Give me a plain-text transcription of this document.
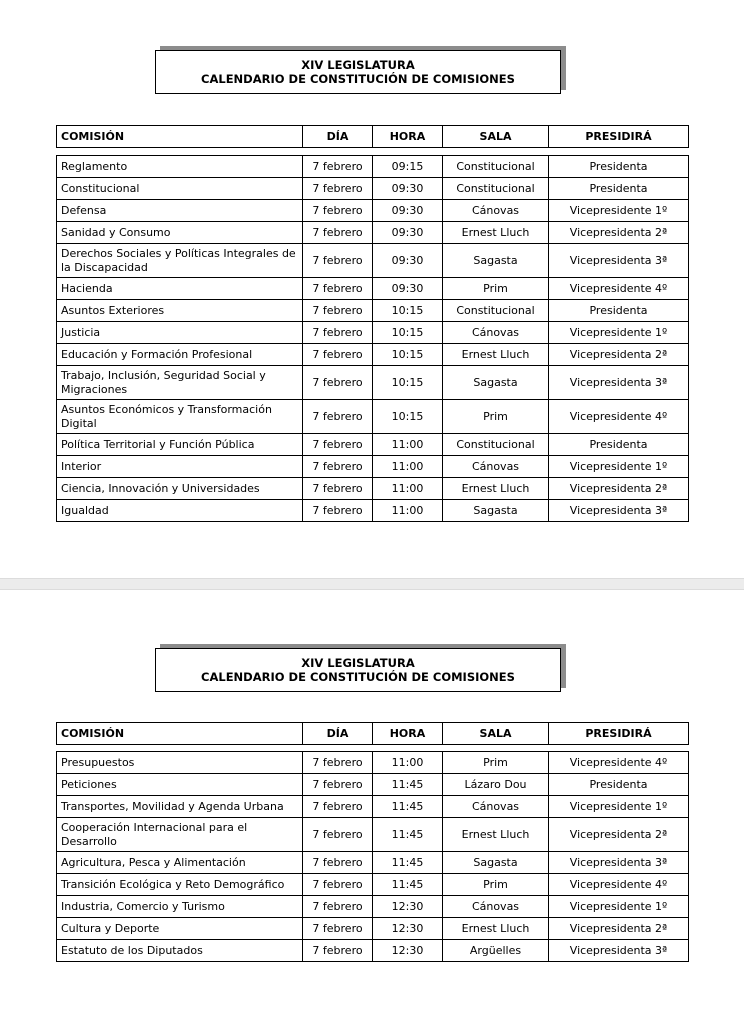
XIV LEGISLATURA
CALENDARIO DE CONSTITUCIÓN DE COMISIONES
COMISIÓN	DÍA	HORA	SALA	PRESIDIRÁ
Reglamento	7 febrero	09:15	Constitucional	Presidenta
Constitucional	7 febrero	09:30	Constitucional	Presidenta
Defensa	7 febrero	09:30	Cánovas	Vicepresidente 1º
Sanidad y Consumo	7 febrero	09:30	Ernest Lluch	Vicepresidenta 2ª
Derechos Sociales y Políticas Integrales de la Discapacidad	7 febrero	09:30	Sagasta	Vicepresidenta 3ª
Hacienda	7 febrero	09:30	Prim	Vicepresidente 4º
Asuntos Exteriores	7 febrero	10:15	Constitucional	Presidenta
Justicia	7 febrero	10:15	Cánovas	Vicepresidente 1º
Educación y Formación Profesional	7 febrero	10:15	Ernest Lluch	Vicepresidenta 2ª
Trabajo, Inclusión, Seguridad Social y Migraciones	7 febrero	10:15	Sagasta	Vicepresidenta 3ª
Asuntos Económicos y Transformación Digital	7 febrero	10:15	Prim	Vicepresidente 4º
Política Territorial y Función Pública	7 febrero	11:00	Constitucional	Presidenta
Interior	7 febrero	11:00	Cánovas	Vicepresidente 1º
Ciencia, Innovación y Universidades	7 febrero	11:00	Ernest Lluch	Vicepresidenta 2ª
Igualdad	7 febrero	11:00	Sagasta	Vicepresidenta 3ª
XIV LEGISLATURA
CALENDARIO DE CONSTITUCIÓN DE COMISIONES
COMISIÓN	DÍA	HORA	SALA	PRESIDIRÁ
Presupuestos	7 febrero	11:00	Prim	Vicepresidente 4º
Peticiones	7 febrero	11:45	Lázaro Dou	Presidenta
Transportes, Movilidad y Agenda Urbana	7 febrero	11:45	Cánovas	Vicepresidente 1º
Cooperación Internacional para el Desarrollo	7 febrero	11:45	Ernest Lluch	Vicepresidenta 2ª
Agricultura, Pesca y Alimentación	7 febrero	11:45	Sagasta	Vicepresidenta 3ª
Transición Ecológica y Reto Demográfico	7 febrero	11:45	Prim	Vicepresidente 4º
Industria, Comercio y Turismo	7 febrero	12:30	Cánovas	Vicepresidente 1º
Cultura y Deporte	7 febrero	12:30	Ernest Lluch	Vicepresidenta 2ª
Estatuto de los Diputados	7 febrero	12:30	Argüelles	Vicepresidenta 3ª
